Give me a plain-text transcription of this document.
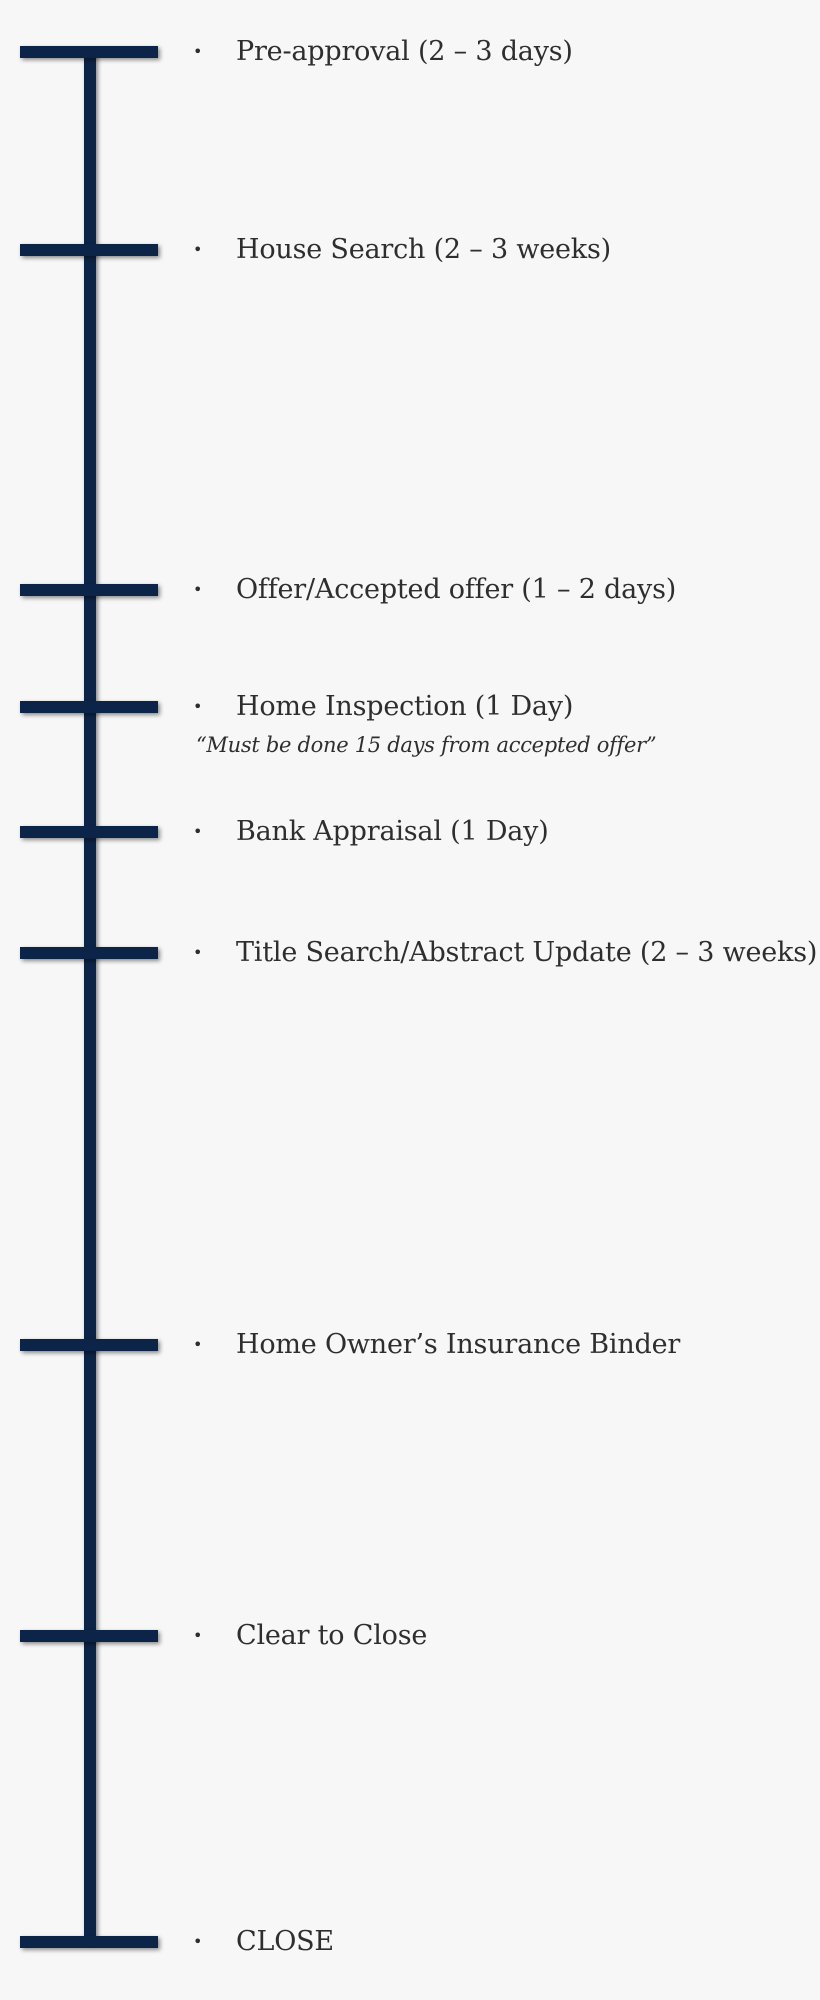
• Pre-approval (2 – 3 days)
• House Search (2 – 3 weeks)
• Offer/Accepted offer (1 – 2 days)
• Home Inspection (1 Day)
“Must be done 15 days from accepted offer”
• Bank Appraisal (1 Day)
• Title Search/Abstract Update (2 – 3 weeks)
• Home Owner’s Insurance Binder
• Clear to Close
• CLOSE
